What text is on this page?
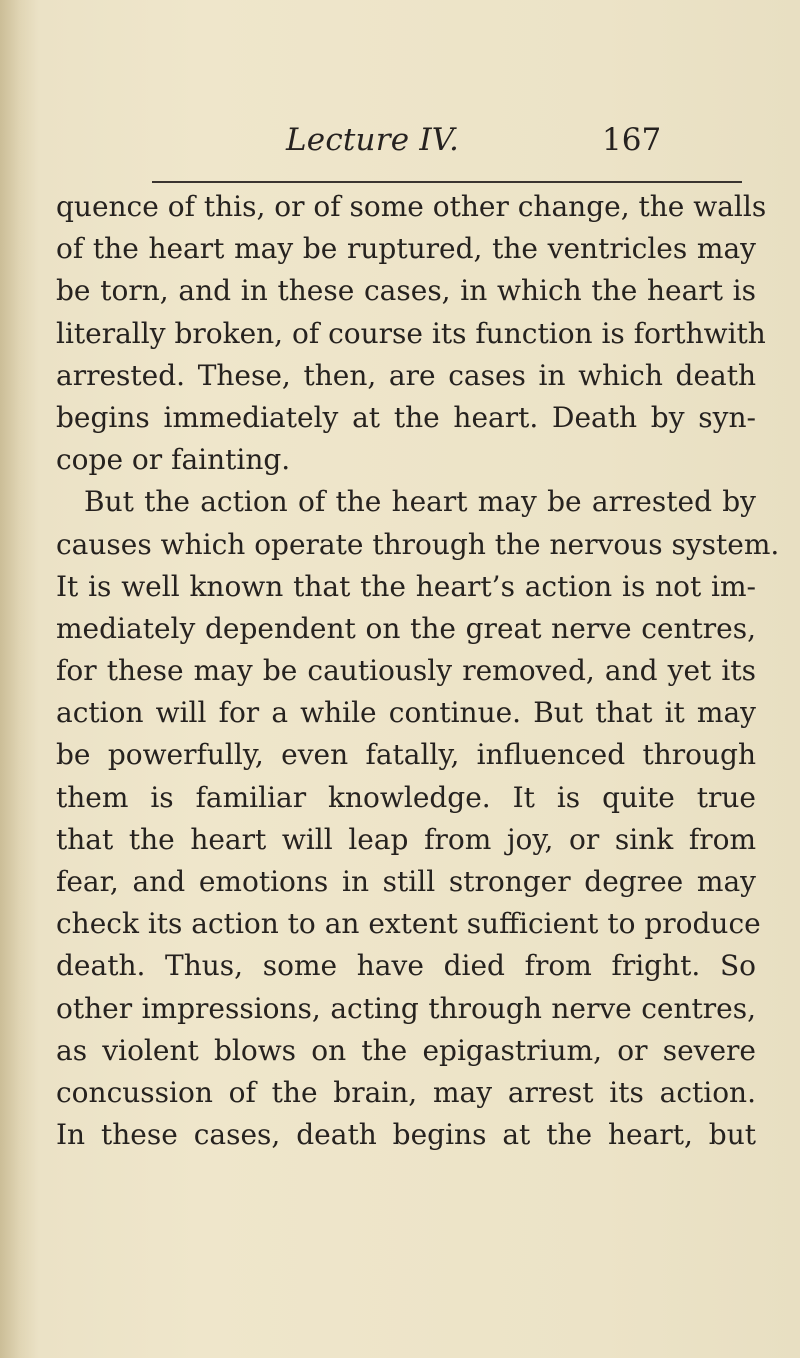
Lecture IV.	167
quence of this, or of some other change, the walls
of the heart may be ruptured, the ventricles may
be torn, and in these cases, in which the heart is
literally broken, of course its function is forthwith
arrested. These, then, are cases in which death
begins immediately at the heart. Death by syn-
cope or fainting.
But the action of the heart may be arrested by
causes which operate through the nervous system.
It is well known that the heart’s action is not im-
mediately dependent on the great nerve centres,
for these may be cautiously removed, and yet its
action will for a while continue. But that it may
be powerfully, even fatally, influenced through
them is familiar knowledge. It is quite true
that the heart will leap from joy, or sink from
fear, and emotions in still stronger degree may
check its action to an extent sufficient to produce
death. Thus, some have died from fright. So
other impressions, acting through nerve centres,
as violent blows on the epigastrium, or severe
concussion of the brain, may arrest its action.
In these cases, death begins at the heart, but
